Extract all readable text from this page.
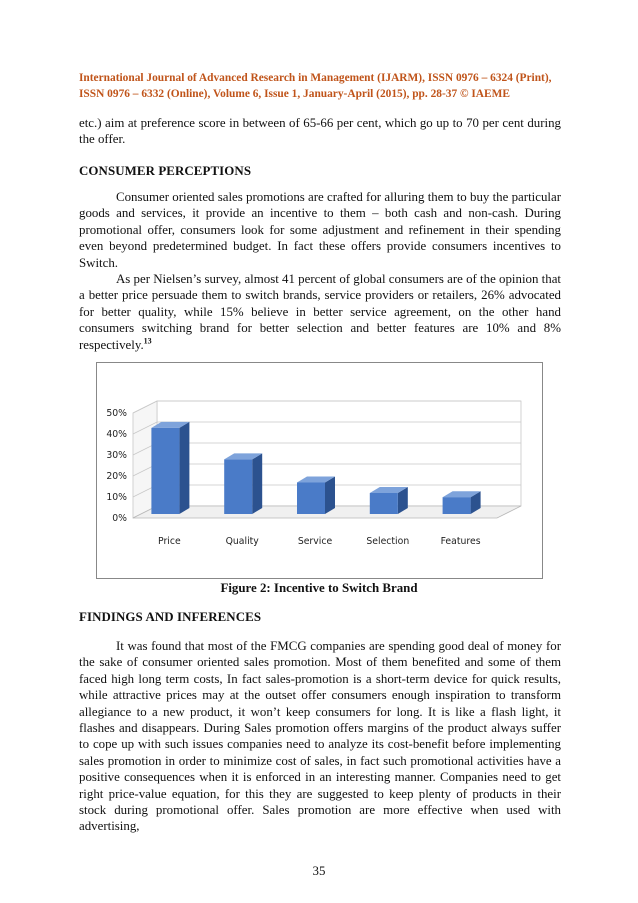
International Journal of Advanced Research in Management (IJARM), ISSN 0976 – 6324 (Print),
ISSN 0976 – 6332 (Online), Volume 6, Issue 1, January-April (2015), pp. 28-37 © IAEME

etc.) aim at preference score in between of 65-66 per cent, which go up to 70 per cent during the offer.

CONSUMER PERCEPTIONS

Consumer oriented sales promotions are crafted for alluring them to buy the particular goods and services, it provide an incentive to them – both cash and non-cash. During promotional offer, consumers look for some adjustment and refinement in their spending even beyond predetermined budget. In fact these offers provide consumers incentives to Switch.

As per Nielsen’s survey, almost 41 percent of global consumers are of the opinion that a better price persuade them to switch brands, service providers or retailers, 26% advocated for better quality, while 15% believe in better service agreement, on the other hand consumers switching brand for better selection and better features are 10% and 8% respectively.$^{13}$

0%
10%
20%
30%
40%
50%
Price	Quality	Service	Selection	Features
Figure 2: Incentive to Switch Brand
FINDINGS AND INFERENCES

It was found that most of the FMCG companies are spending good deal of money for the sake of consumer oriented sales promotion. Most of them benefited and some of them faced high long term costs, In fact sales-promotion is a short-term device for quick results, while attractive prices may at the outset offer consumers enough inspiration to transform allegiance to a new product, it won’t keep consumers for long. It is like a flash light, it flashes and disappears. During Sales promotion offers margins of the product always suffer to cope up with such issues companies need to analyze its cost-benefit before implementing sales promotion in order to minimize cost of sales, in fact such promotional activities have a positive consequences when it is enforced in an interesting manner. Companies need to get right price-value equation, for this they are suggested to keep plenty of products in their stock during promotional offer. Sales promotion are more effective when used with advertising,

35
